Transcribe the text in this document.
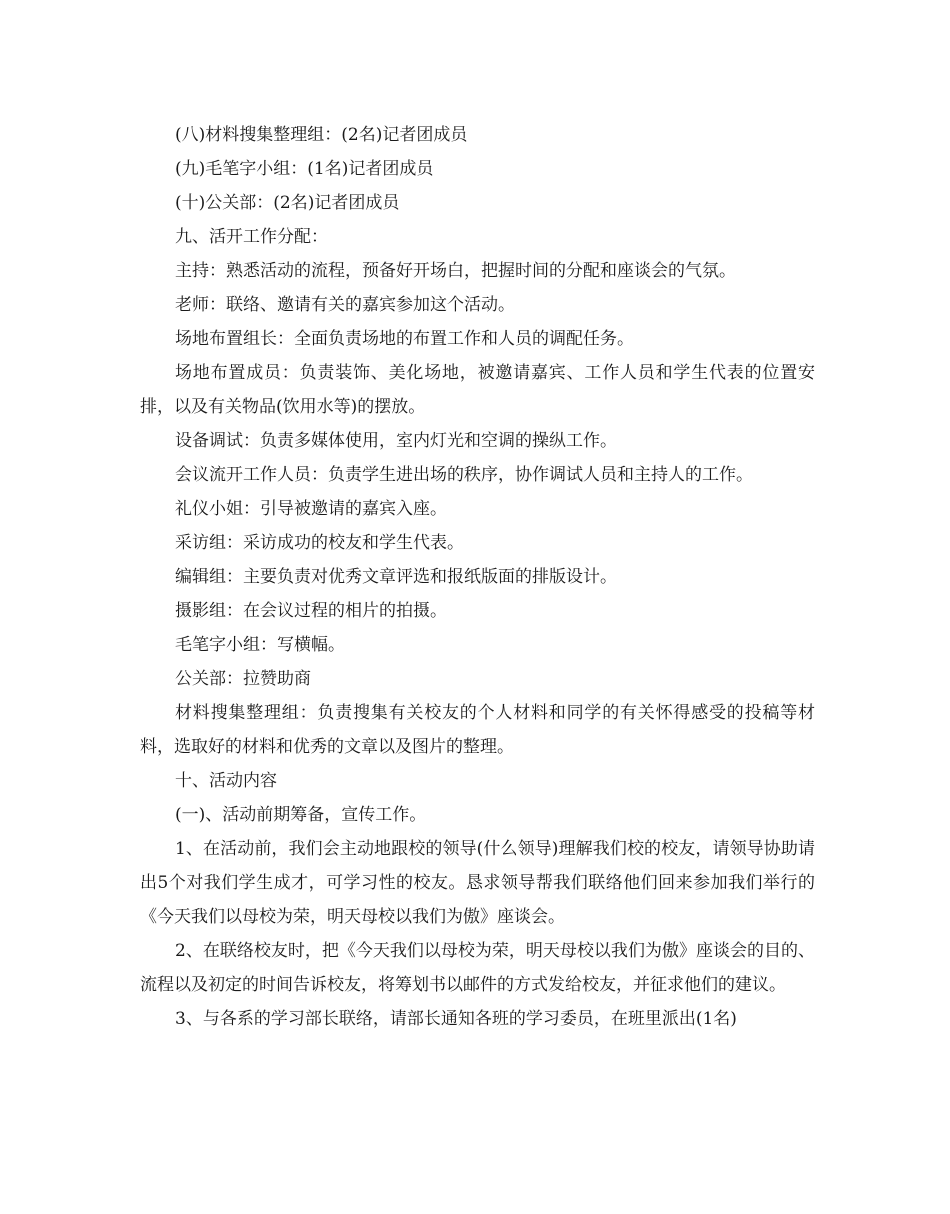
(八)材料搜集整理组：(2名)记者团成员

(九)毛笔字小组：(1名)记者团成员

(十)公关部：(2名)记者团成员

九、活开工作分配：

主持：熟悉活动的流程，预备好开场白，把握时间的分配和座谈会的气氛。

老师：联络、邀请有关的嘉宾参加这个活动。

场地布置组长：全面负责场地的布置工作和人员的调配任务。

场地布置成员：负责装饰、美化场地，被邀请嘉宾、工作人员和学生代表的位置安排，以及有关物品(饮用水等)的摆放。

设备调试：负责多媒体使用，室内灯光和空调的操纵工作。

会议流开工作人员：负责学生进出场的秩序，协作调试人员和主持人的工作。

礼仪小姐：引导被邀请的嘉宾入座。

采访组：采访成功的校友和学生代表。

编辑组：主要负责对优秀文章评选和报纸版面的排版设计。

摄影组：在会议过程的相片的拍摄。

毛笔字小组：写横幅。

公关部：拉赞助商

材料搜集整理组：负责搜集有关校友的个人材料和同学的有关怀得感受的投稿等材料，选取好的材料和优秀的文章以及图片的整理。

十、活动内容

(一)、活动前期筹备，宣传工作。

1、在活动前，我们会主动地跟校的领导(什么领导)理解我们校的校友，请领导协助请出5个对我们学生成才，可学习性的校友。恳求领导帮我们联络他们回来参加我们举行的《今天我们以母校为荣，明天母校以我们为傲》座谈会。

2、在联络校友时，把《今天我们以母校为荣，明天母校以我们为傲》座谈会的目的、流程以及初定的时间告诉校友，将筹划书以邮件的方式发给校友，并征求他们的建议。

3、与各系的学习部长联络，请部长通知各班的学习委员，在班里派出(1名)
